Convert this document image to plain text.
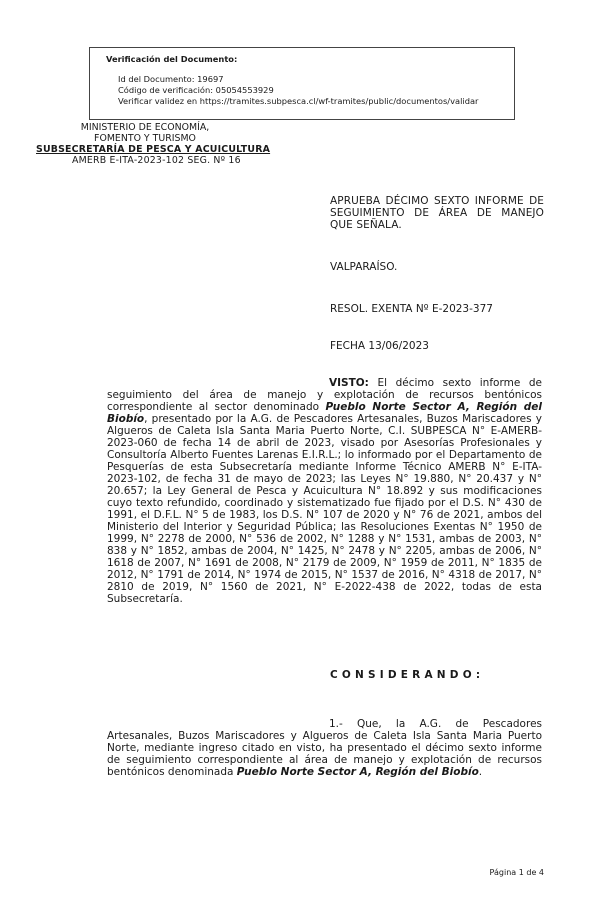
Verificación del Documento:
▸ Id del Documento: 19697
▸ Código de verificación: 05054553929
▸ Verificar validez en https://tramites.subpesca.cl/wf-tramites/public/documentos/validar
MINISTERIO DE ECONOMÍA,
FOMENTO Y TURISMO
SUBSECRETARÍA DE PESCA Y ACUICULTURA
AMERB E-ITA-2023-102 SEG. Nº 16
APRUEBA DÉCIMO SEXTO INFORME DE SEGUIMIENTO DE ÁREA DE MANEJO QUE SEÑALA.
VALPARAÍSO.
RESOL. EXENTA Nº E-2023-377
FECHA 13/06/2023
VISTO: El décimo sexto informe de seguimiento del área de manejo y explotación de recursos bentónicos correspondiente al sector denominado Pueblo Norte Sector A, Región del Biobío, presentado por la A.G. de Pescadores Artesanales, Buzos Mariscadores y Algueros de Caleta Isla Santa Maria Puerto Norte, C.I. SUBPESCA N° E-AMERB-2023-060 de fecha 14 de abril de 2023, visado por Asesorías Profesionales y Consultoría Alberto Fuentes Larenas E.I.R.L.; lo informado por el Departamento de Pesquerías de esta Subsecretaría mediante Informe Técnico AMERB N° E-ITA-2023-102, de fecha 31 de mayo de 2023; las Leyes N° 19.880, N° 20.437 y N° 20.657; la Ley General de Pesca y Acuicultura N° 18.892 y sus modificaciones cuyo texto refundido, coordinado y sistematizado fue fijado por el D.S. N° 430 de 1991, el D.F.L. N° 5 de 1983, los D.S. N° 107 de 2020 y N° 76 de 2021, ambos del Ministerio del Interior y Seguridad Pública; las Resoluciones Exentas N° 1950 de 1999, N° 2278 de 2000, N° 536 de 2002, N° 1288 y N° 1531, ambas de 2003, N° 838 y N° 1852, ambas de 2004, N° 1425, N° 2478 y N° 2205, ambas de 2006, N° 1618 de 2007, N° 1691 de 2008, N° 2179 de 2009, N° 1959 de 2011, N° 1835 de 2012, N° 1791 de 2014, N° 1974 de 2015, N° 1537 de 2016, N° 4318 de 2017, N° 2810 de 2019, N° 1560 de 2021, N° E-2022-438 de 2022, todas de esta Subsecretaría.
CONSIDERANDO:
1.- Que, la A.G. de Pescadores Artesanales, Buzos Mariscadores y Algueros de Caleta Isla Santa Maria Puerto Norte, mediante ingreso citado en visto, ha presentado el décimo sexto informe de seguimiento correspondiente al área de manejo y explotación de recursos bentónicos denominada Pueblo Norte Sector A, Región del Biobío.
Página 1 de 4
